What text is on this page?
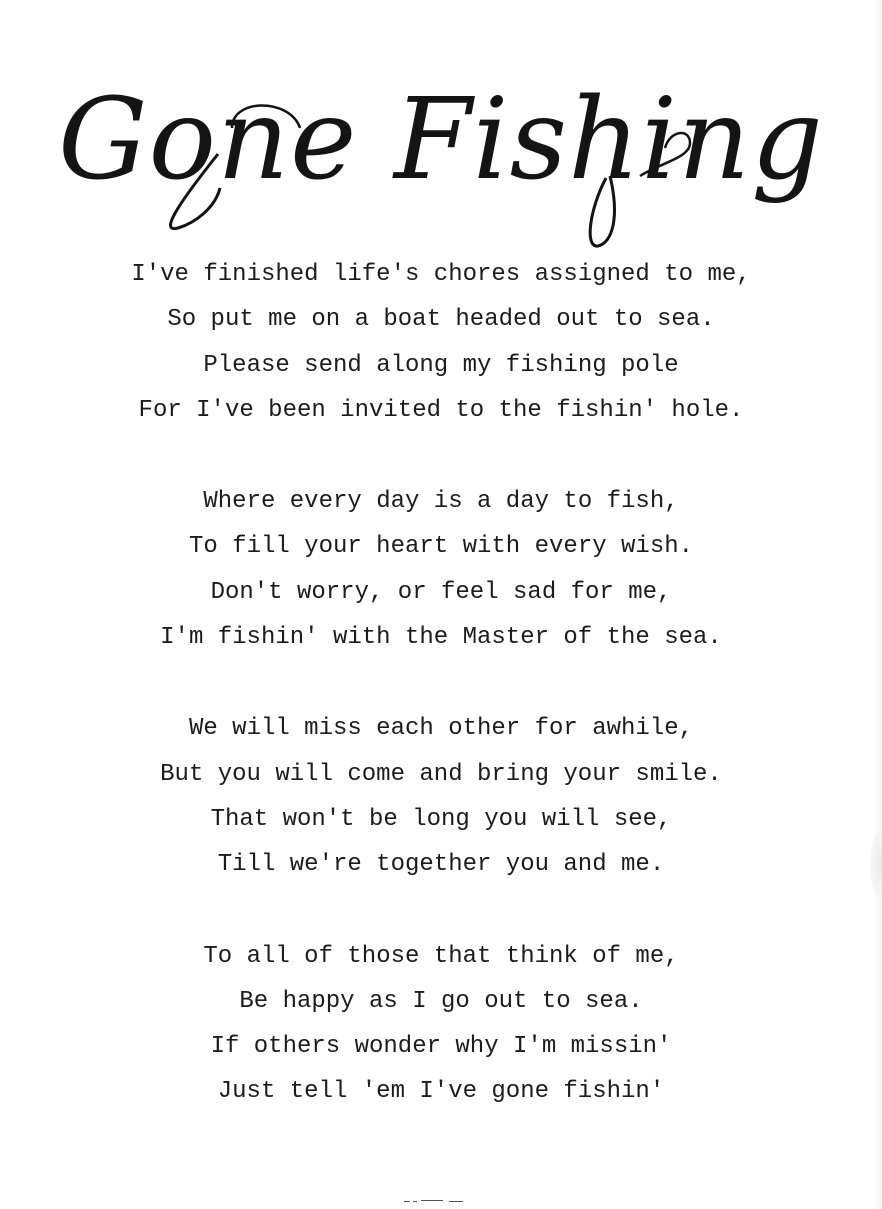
Gone Fishing
I've finished life's chores assigned to me,
So put me on a boat headed out to sea.
Please send along my fishing pole
For I've been invited to the fishin' hole.
Where every day is a day to fish,
To fill your heart with every wish.
Don't worry, or feel sad for me,
I'm fishin' with the Master of the sea.
We will miss each other for awhile,
But you will come and bring your smile.
That won't be long you will see,
Till we're together you and me.
To all of those that think of me,
Be happy as I go out to sea.
If others wonder why I'm missin'
Just tell 'em I've gone fishin'
